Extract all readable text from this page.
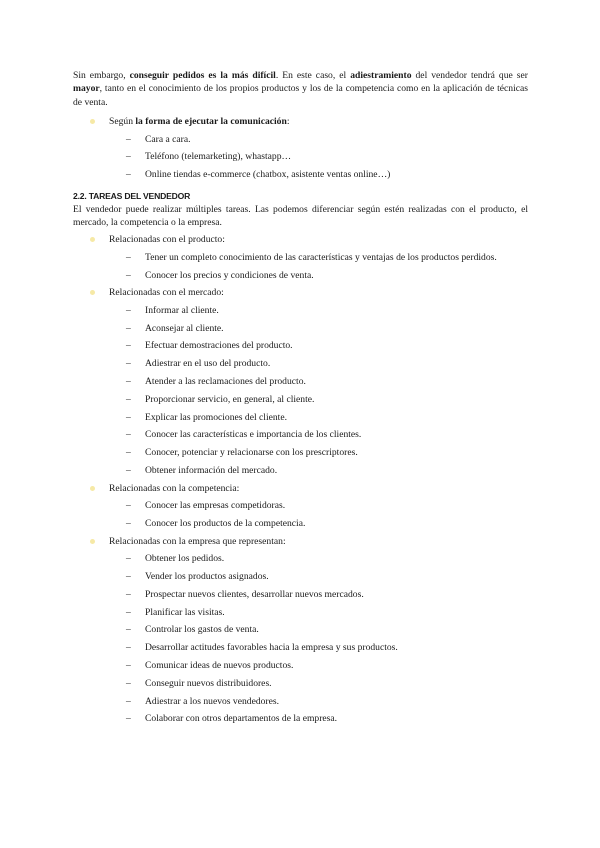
Sin embargo, conseguir pedidos es la más difícil. En este caso, el adiestramiento del vendedor tendrá que ser mayor, tanto en el conocimiento de los propios productos y los de la competencia como en la aplicación de técnicas de venta.

Según la forma de ejecutar la comunicación:
– Cara a cara.
– Teléfono (telemarketing), whastapp…
– Online tiendas e-commerce (chatbox, asistente ventas online…)
2.2. TAREAS DEL VENDEDOR

El vendedor puede realizar múltiples tareas. Las podemos diferenciar según estén realizadas con el producto, el mercado, la competencia o la empresa.

Relacionadas con el producto:
– Tener un completo conocimiento de las características y ventajas de los productos perdidos.
– Conocer los precios y condiciones de venta.
Relacionadas con el mercado:
– Informar al cliente.
– Aconsejar al cliente.
– Efectuar demostraciones del producto.
– Adiestrar en el uso del producto.
– Atender a las reclamaciones del producto.
– Proporcionar servicio, en general, al cliente.
– Explicar las promociones del cliente.
– Conocer las características e importancia de los clientes.
– Conocer, potenciar y relacionarse con los prescriptores.
– Obtener información del mercado.
Relacionadas con la competencia:
– Conocer las empresas competidoras.
– Conocer los productos de la competencia.
Relacionadas con la empresa que representan:
– Obtener los pedidos.
– Vender los productos asignados.
– Prospectar nuevos clientes, desarrollar nuevos mercados.
– Planificar las visitas.
– Controlar los gastos de venta.
– Desarrollar actitudes favorables hacia la empresa y sus productos.
– Comunicar ideas de nuevos productos.
– Conseguir nuevos distribuidores.
– Adiestrar a los nuevos vendedores.
– Colaborar con otros departamentos de la empresa.
